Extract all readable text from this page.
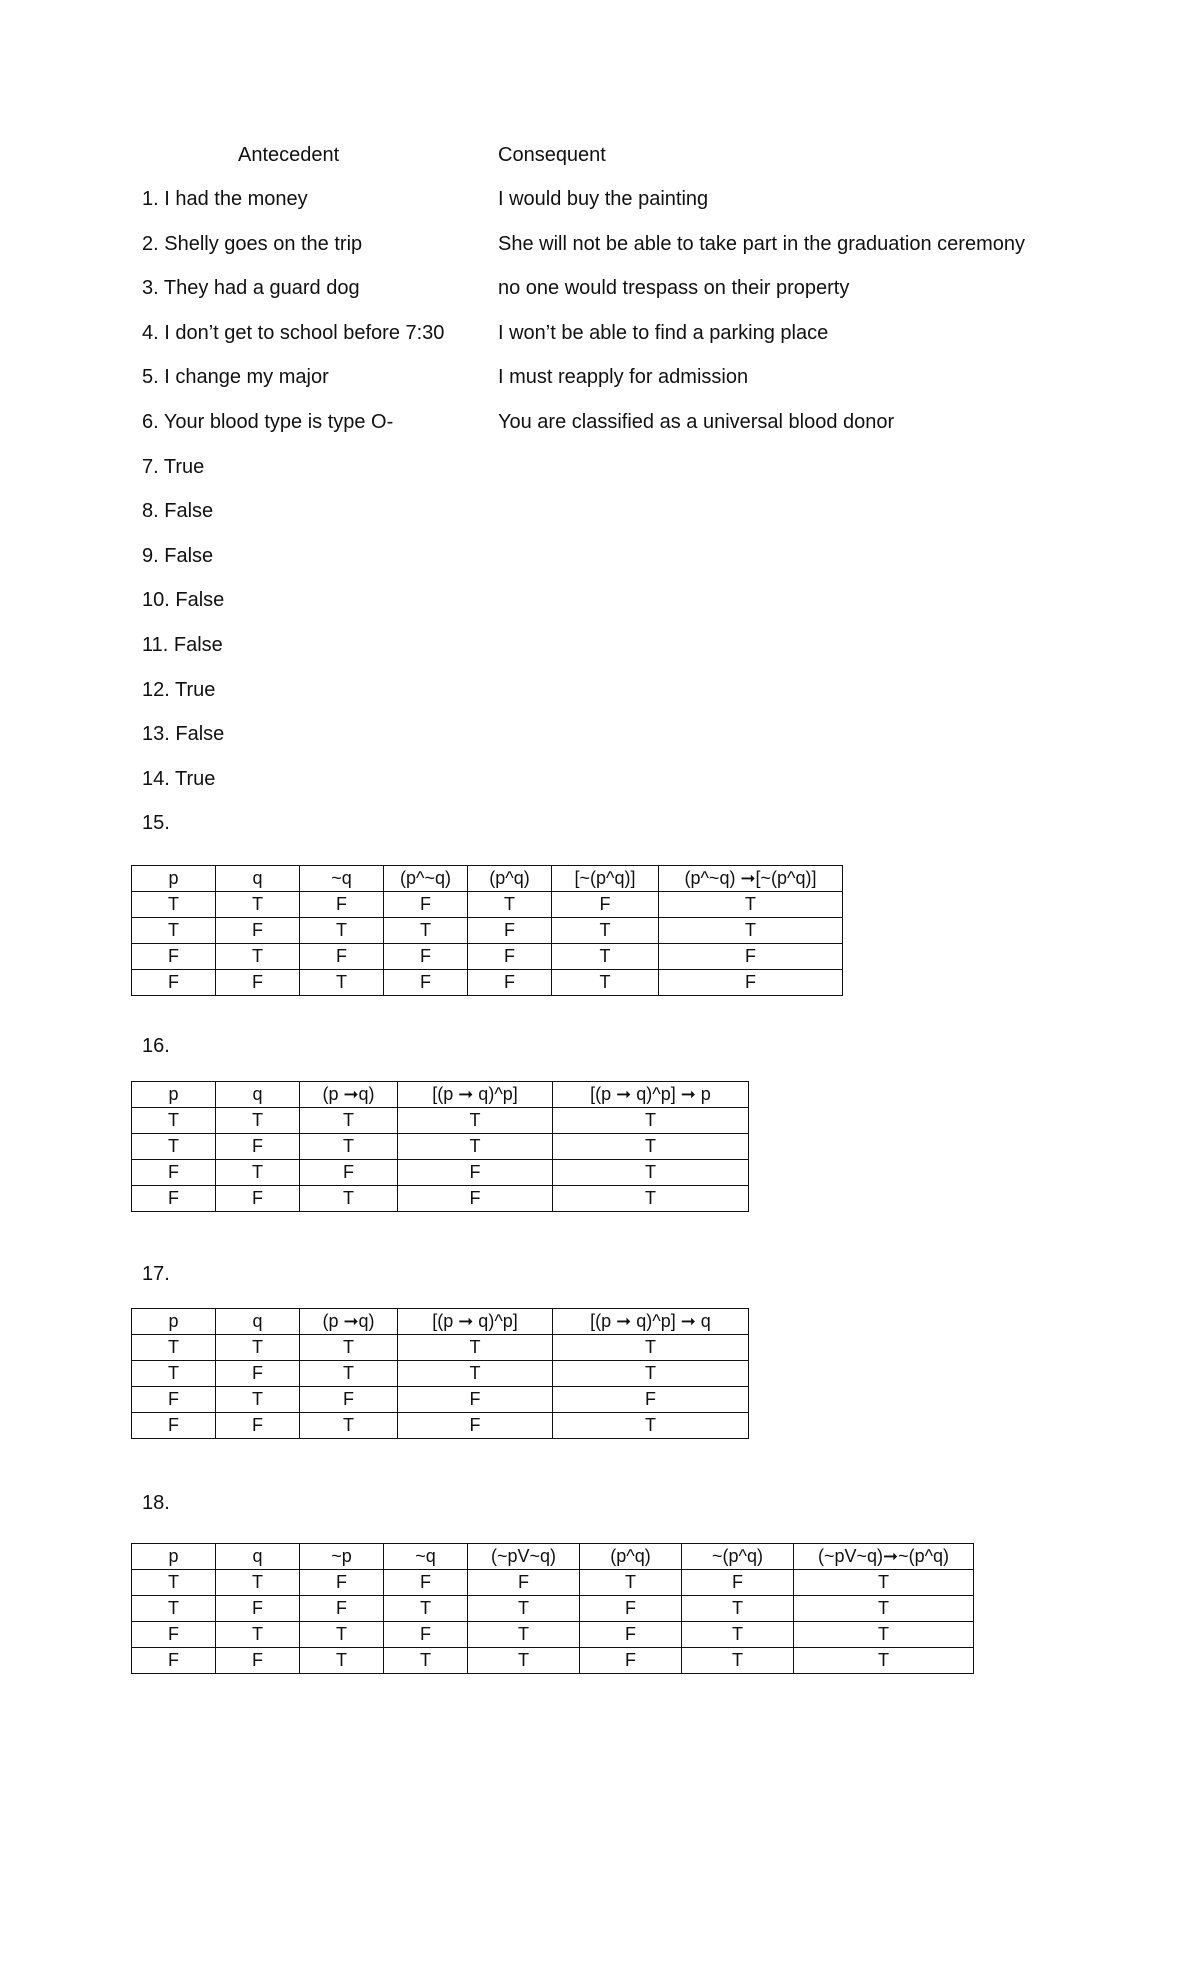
Antecedent	Consequent
1. I had the money	I would buy the painting
2. Shelly goes on the trip	She will not be able to take part in the graduation ceremony
3. They had a guard dog	no one would trespass on their property
4. I don’t get to school before 7:30	I won’t be able to find a parking place
5. I change my major	I must reapply for admission
6. Your blood type is type O-	You are classified as a universal blood donor
7. True
8. False
9. False
10. False
11. False
12. True
13. False
14. True
15.
p	q	~q	(p^~q)	(p^q)	[~(p^q)]	(p^~q) ➞[~(p^q)]
T	T	F	F	T	F	T
T	F	T	T	F	T	T
F	T	F	F	F	T	F
F	F	T	F	F	T	F
16.
p	q	(p ➞q)	[(p ➞ q)^p]	[(p ➞ q)^p] ➞ p
T	T	T	T	T
T	F	T	T	T
F	T	F	F	T
F	F	T	F	T
17.
p	q	(p ➞q)	[(p ➞ q)^p]	[(p ➞ q)^p] ➞ q
T	T	T	T	T
T	F	T	T	T
F	T	F	F	F
F	F	T	F	T
18.
p	q	~p	~q	(~pV~q)	(p^q)	~(p^q)	(~pV~q)➞~(p^q)
T	T	F	F	F	T	F	T
T	F	F	T	T	F	T	T
F	T	T	F	T	F	T	T
F	F	T	T	T	F	T	T
